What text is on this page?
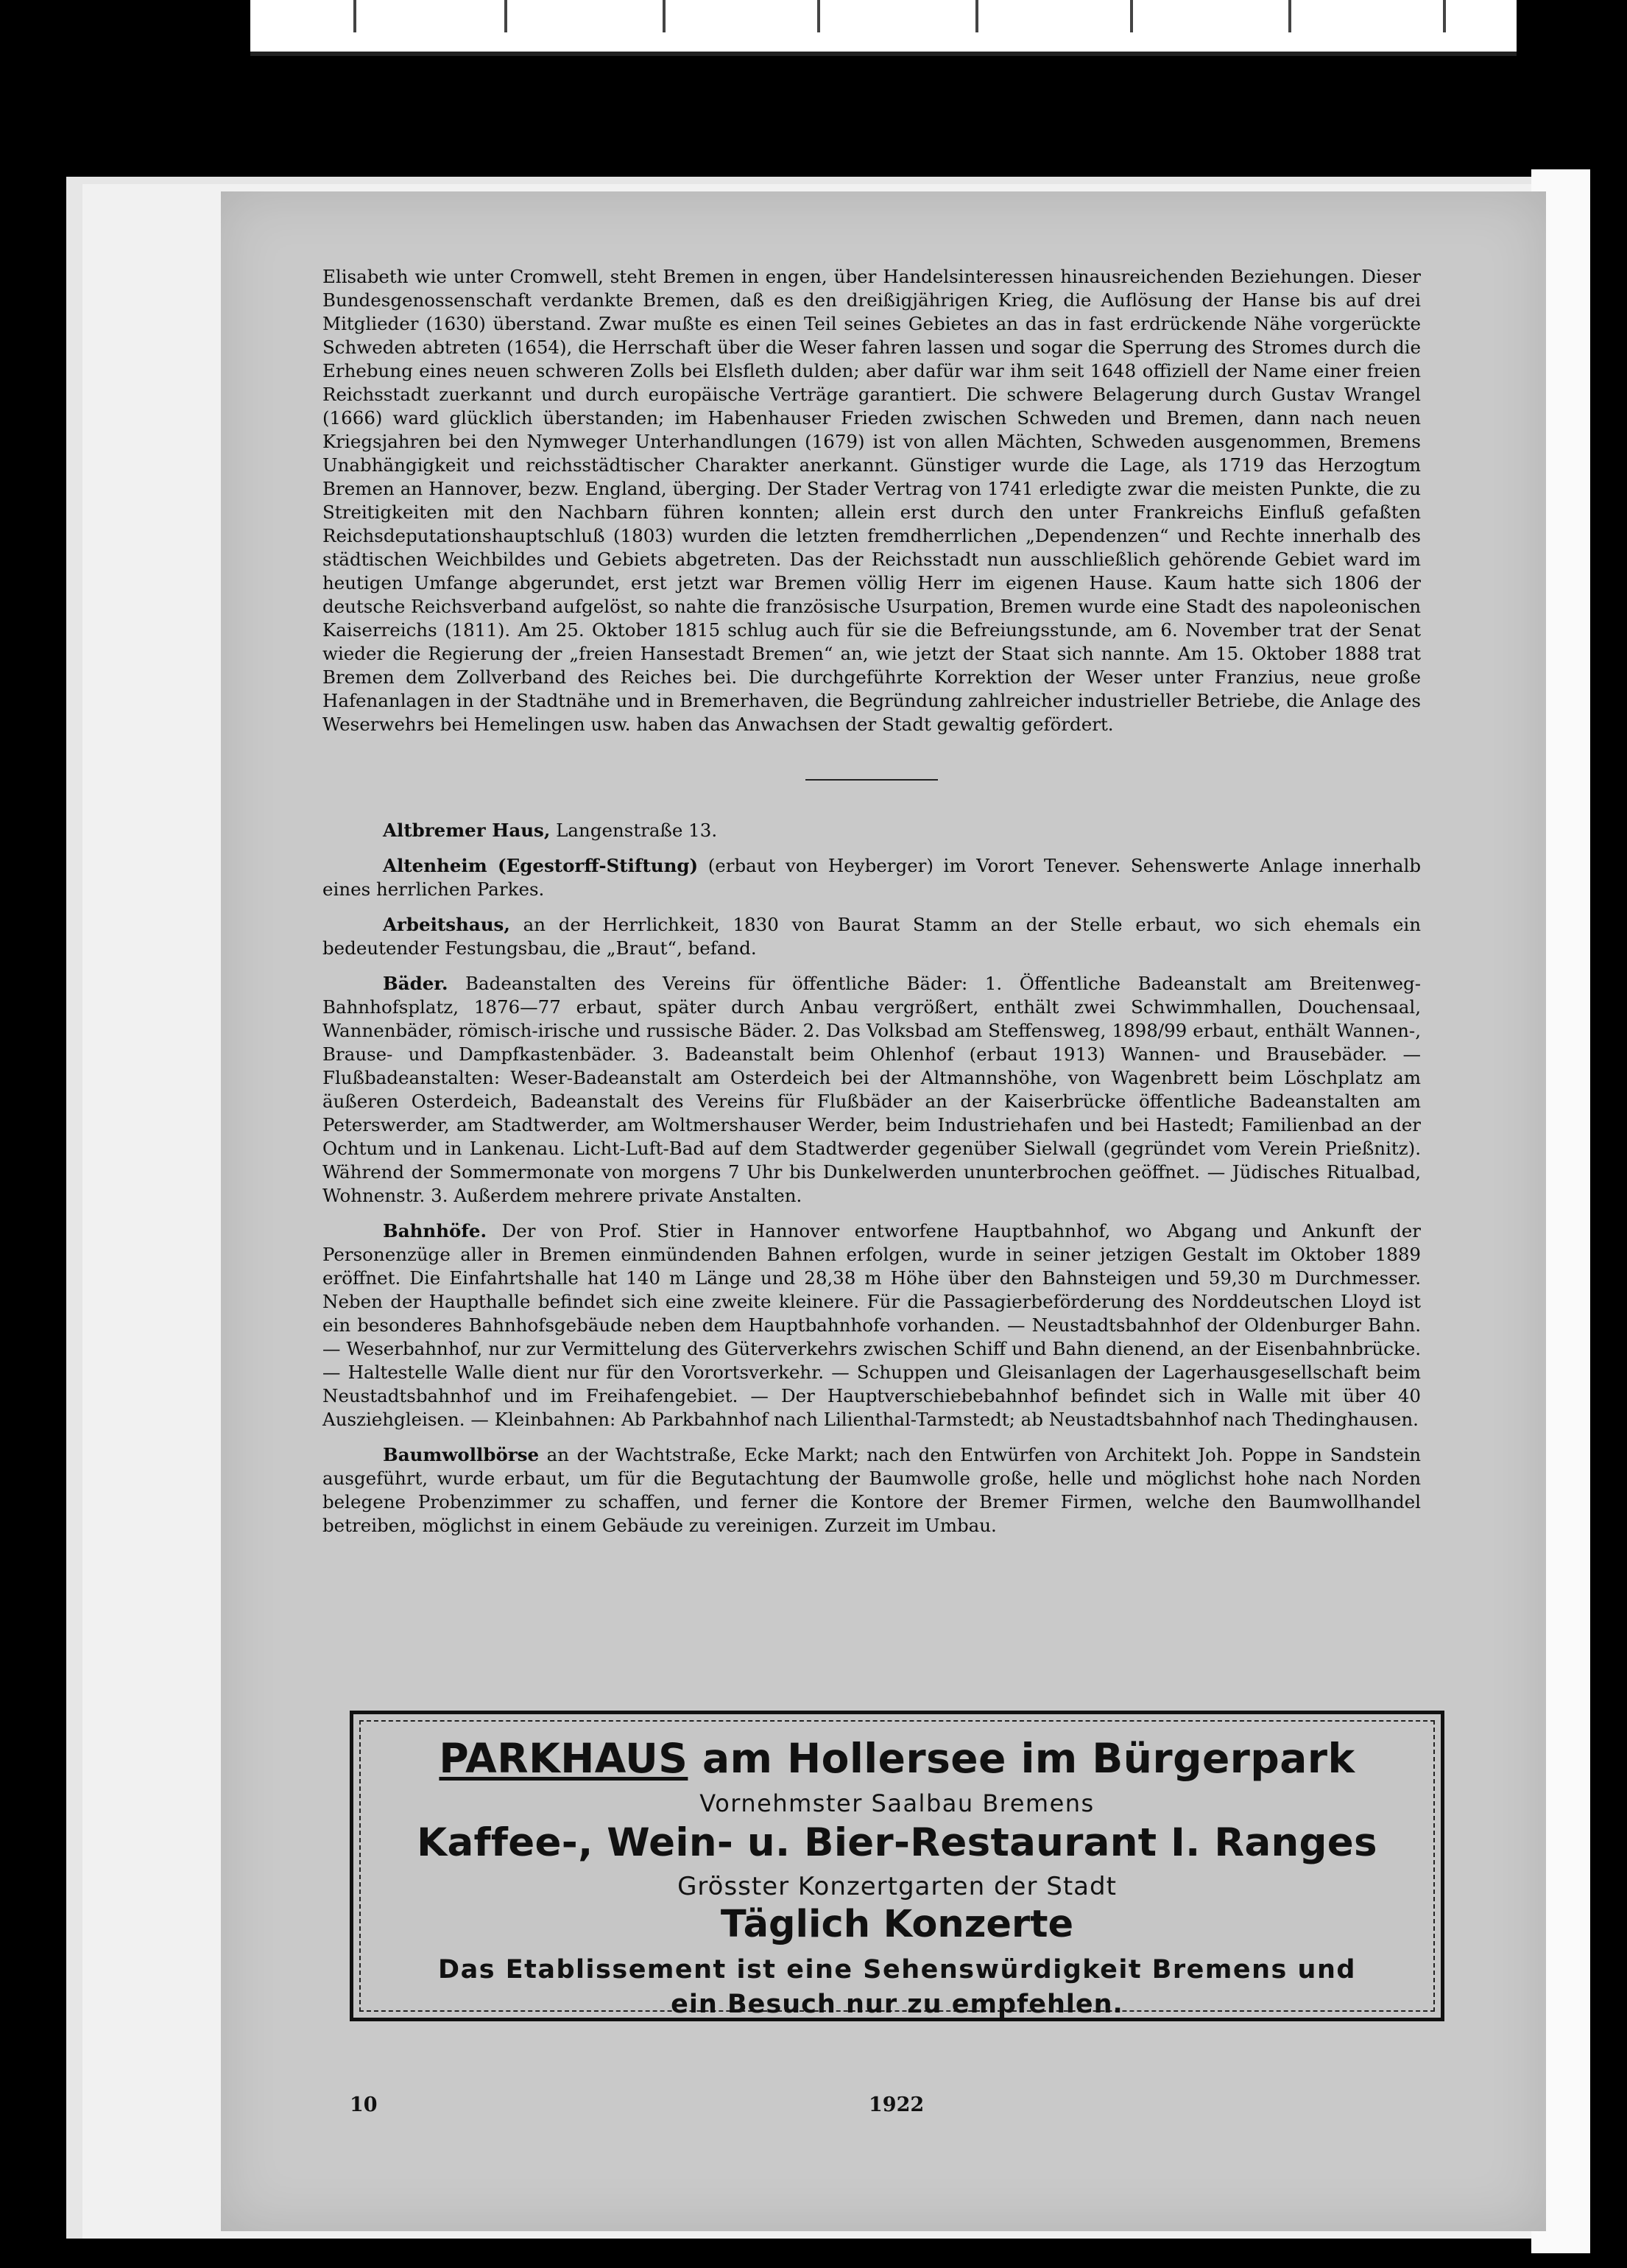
Elisabeth wie unter Cromwell, steht Bremen in engen, über Handelsinteressen hinausreichenden Beziehungen. Dieser Bundesgenossenschaft verdankte Bremen, daß es den dreißigjährigen Krieg, die Auflösung der Hanse bis auf drei Mitglieder (1630) überstand. Zwar mußte es einen Teil seines Gebietes an das in fast erdrückende Nähe vorgerückte Schweden abtreten (1654), die Herrschaft über die Weser fahren lassen und sogar die Sperrung des Stromes durch die Erhebung eines neuen schweren Zolls bei Elsfleth dulden; aber dafür war ihm seit 1648 offiziell der Name einer freien Reichsstadt zuerkannt und durch europäische Verträge garantiert. Die schwere Belagerung durch Gustav Wrangel (1666) ward glücklich überstanden; im Habenhauser Frieden zwischen Schweden und Bremen, dann nach neuen Kriegsjahren bei den Nymweger Unterhandlungen (1679) ist von allen Mächten, Schweden ausgenommen, Bremens Unabhängigkeit und reichsstädtischer Charakter anerkannt. Günstiger wurde die Lage, als 1719 das Herzogtum Bremen an Hannover, bezw. England, überging. Der Stader Vertrag von 1741 erledigte zwar die meisten Punkte, die zu Streitigkeiten mit den Nachbarn führen konnten; allein erst durch den unter Frankreichs Einfluß gefaßten Reichsdeputationshauptschluß (1803) wurden die letzten fremdherrlichen „Dependenzen“ und Rechte innerhalb des städtischen Weichbildes und Gebiets abgetreten. Das der Reichsstadt nun ausschließlich gehörende Gebiet ward im heutigen Umfange abgerundet, erst jetzt war Bremen völlig Herr im eigenen Hause. Kaum hatte sich 1806 der deutsche Reichsverband aufgelöst, so nahte die französische Usurpation, Bremen wurde eine Stadt des napoleonischen Kaiserreichs (1811). Am 25. Oktober 1815 schlug auch für sie die Befreiungsstunde, am 6. November trat der Senat wieder die Regierung der „freien Hansestadt Bremen“ an, wie jetzt der Staat sich nannte. Am 15. Oktober 1888 trat Bremen dem Zollverband des Reiches bei. Die durchgeführte Korrektion der Weser unter Franzius, neue große Hafenanlagen in der Stadtnähe und in Bremerhaven, die Begründung zahlreicher industrieller Betriebe, die Anlage des Weserwehrs bei Hemelingen usw. haben das Anwachsen der Stadt gewaltig gefördert.

Altbremer Haus, Langenstraße 13.

Altenheim (Egestorff-Stiftung) (erbaut von Heyberger) im Vorort Tenever. Sehenswerte Anlage innerhalb eines herrlichen Parkes.

Arbeitshaus, an der Herrlichkeit, 1830 von Baurat Stamm an der Stelle erbaut, wo sich ehemals ein bedeutender Festungsbau, die „Braut“, befand.

Bäder. Badeanstalten des Vereins für öffentliche Bäder: 1. Öffentliche Badeanstalt am Breitenweg-Bahnhofsplatz, 1876—77 erbaut, später durch Anbau vergrößert, enthält zwei Schwimmhallen, Douchensaal, Wannenbäder, römisch-irische und russische Bäder. 2. Das Volksbad am Steffensweg, 1898/99 erbaut, enthält Wannen-, Brause- und Dampfkastenbäder. 3. Badeanstalt beim Ohlenhof (erbaut 1913) Wannen- und Brausebäder. — Flußbadeanstalten: Weser-Badeanstalt am Osterdeich bei der Altmannshöhe, von Wagenbrett beim Löschplatz am äußeren Osterdeich, Badeanstalt des Vereins für Flußbäder an der Kaiserbrücke öffentliche Badeanstalten am Peterswerder, am Stadtwerder, am Woltmershauser Werder, beim Industriehafen und bei Hastedt; Familienbad an der Ochtum und in Lankenau. Licht-Luft-Bad auf dem Stadtwerder gegenüber Sielwall (gegründet vom Verein Prießnitz). Während der Sommermonate von morgens 7 Uhr bis Dunkelwerden ununterbrochen geöffnet. — Jüdisches Ritualbad, Wohnenstr. 3. Außerdem mehrere private Anstalten.

Bahnhöfe. Der von Prof. Stier in Hannover entworfene Hauptbahnhof, wo Abgang und Ankunft der Personenzüge aller in Bremen einmündenden Bahnen erfolgen, wurde in seiner jetzigen Gestalt im Oktober 1889 eröffnet. Die Einfahrtshalle hat 140 m Länge und 28,38 m Höhe über den Bahnsteigen und 59,30 m Durchmesser. Neben der Haupthalle befindet sich eine zweite kleinere. Für die Passagierbeförderung des Norddeutschen Lloyd ist ein besonderes Bahnhofsgebäude neben dem Hauptbahnhofe vorhanden. — Neustadtsbahnhof der Oldenburger Bahn. — Weserbahnhof, nur zur Vermittelung des Güterverkehrs zwischen Schiff und Bahn dienend, an der Eisenbahnbrücke. — Haltestelle Walle dient nur für den Vorortsverkehr. — Schuppen und Gleisanlagen der Lagerhausgesellschaft beim Neustadtsbahnhof und im Freihafengebiet. — Der Hauptverschiebebahnhof befindet sich in Walle mit über 40 Ausziehgleisen. — Kleinbahnen: Ab Parkbahnhof nach Lilienthal-Tarmstedt; ab Neustadtsbahnhof nach Thedinghausen.

Baumwollbörse an der Wachtstraße, Ecke Markt; nach den Entwürfen von Architekt Joh. Poppe in Sandstein ausgeführt, wurde erbaut, um für die Begutachtung der Baumwolle große, helle und möglichst hohe nach Norden belegene Probenzimmer zu schaffen, und ferner die Kontore der Bremer Firmen, welche den Baumwollhandel betreiben, möglichst in einem Gebäude zu vereinigen. Zurzeit im Umbau.

PARKHAUS am Hollersee im Bürgerpark
Vornehmster Saalbau Bremens
Kaffee-, Wein- u. Bier-Restaurant I. Ranges
Grösster Konzertgarten der Stadt
Täglich Konzerte
Das Etablissement ist eine Sehenswürdigkeit Bremens und
ein Besuch nur zu empfehlen.
10	1922
